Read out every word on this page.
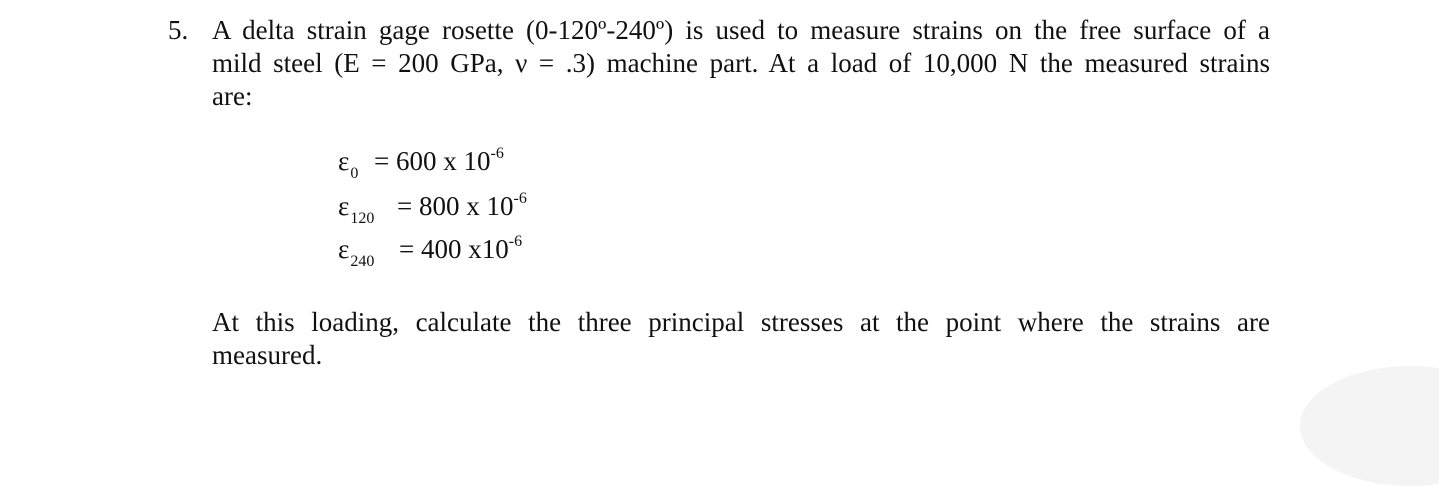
5. A delta strain gage rosette (0-120º-240º) is used to measure strains on the free surface of a
mild steel (E = 200 GPa, ν = .3) machine part. At a load of 10,000 N the measured strains
are:
$\varepsilon_0 = 600$ x $10^{-6}$
$\varepsilon_{120} = 800$ x $10^{-6}$
$\varepsilon_{240} = 400$ $x10^{-6}$
At this loading, calculate the three principal stresses at the point where the strains are
measured.
